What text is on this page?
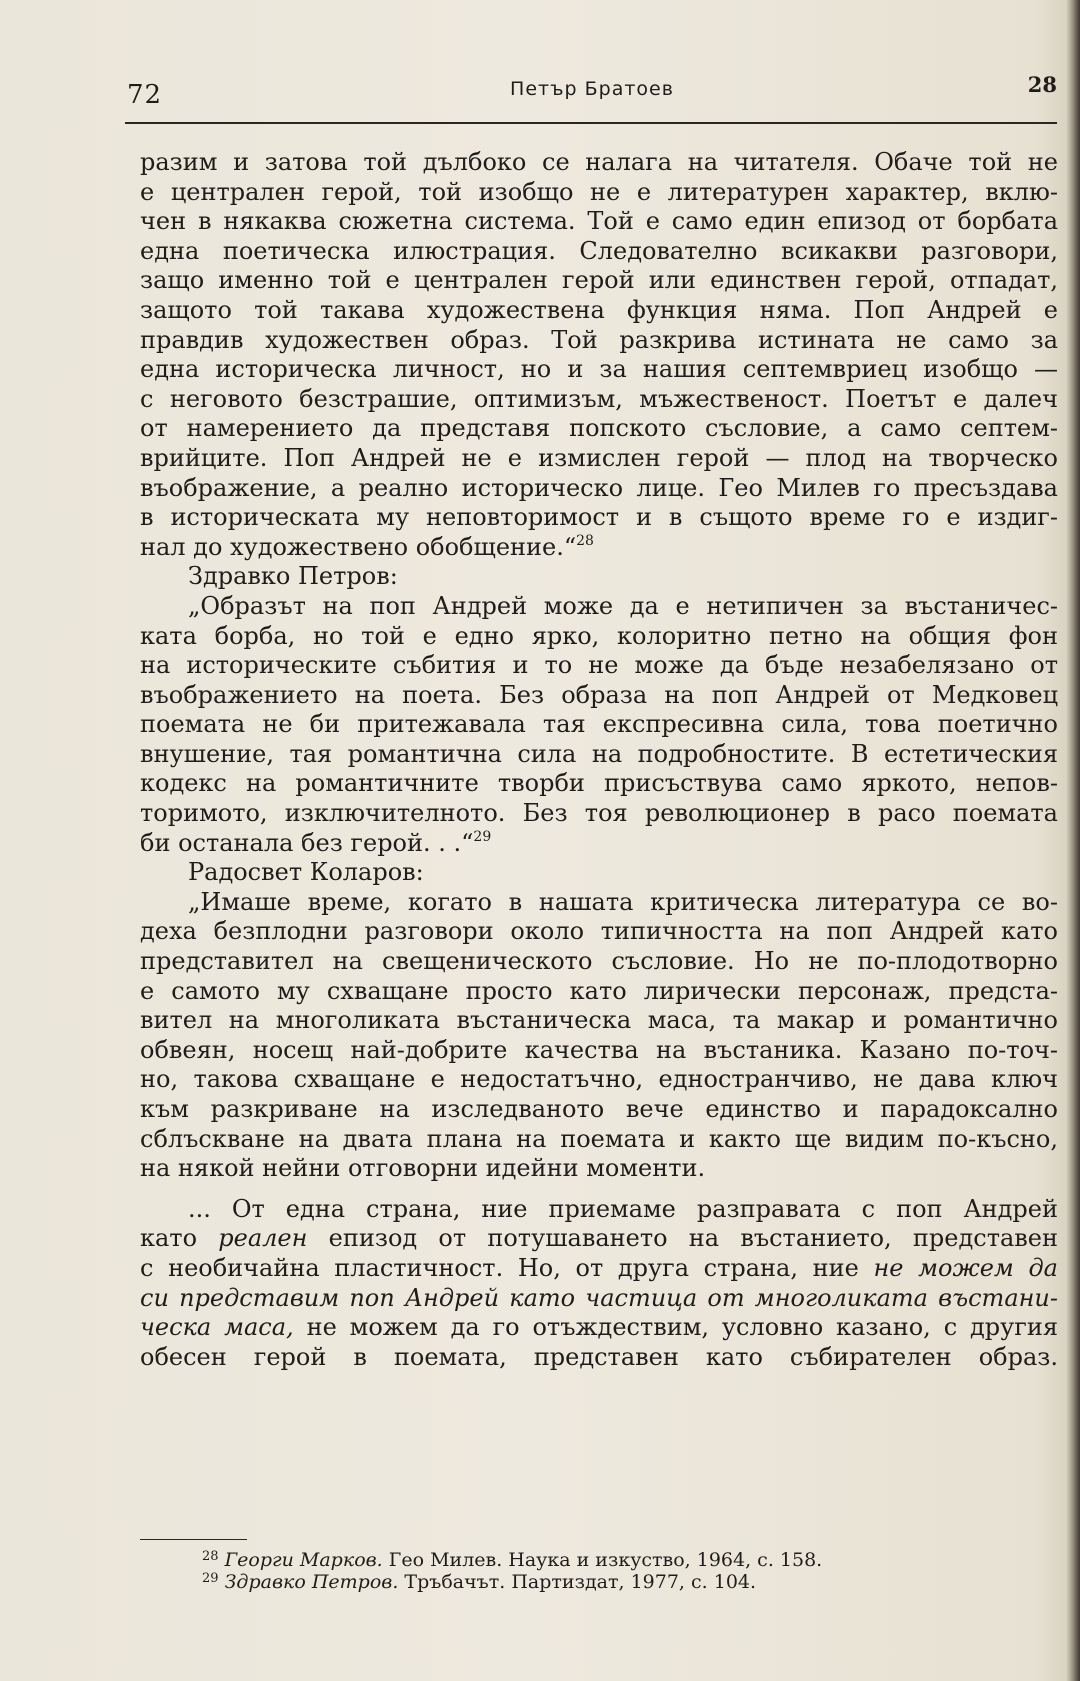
72	Петър Братоев	28
разим и затова той дълбоко се налага на читателя. Обаче той не
е централен герой, той изобщо не е литературен характер, вклю-
чен в някаква сюжетна система. Той е само един епизод от борбата
една поетическа илюстрация. Следователно всикакви разговори,
защо именно той е централен герой или единствен герой, отпадат,
защото той такава художествена функция няма. Поп Андрей е
правдив художествен образ. Той разкрива истината не само за
една историческа личност, но и за нашия септемвриец изобщо —
с неговото безстрашие, оптимизъм, мъжественост. Поетът е далеч
от намерението да представя попското съсловие, а само септем-
врийците. Поп Андрей не е измислен герой — плод на творческо
въображение, а реално историческо лице. Гео Милев го пресъздава
в историческата му неповторимост и в същото време го е издиг-
нал до художествено обобщение.“$^{28}$
Здравко Петров:
„Образът на поп Андрей може да е нетипичен за въстаничес-
ката борба, но той е едно ярко, колоритно петно на общия фон
на историческите събития и то не може да бъде незабелязано от
въображението на поета. Без образа на поп Андрей от Медковец
поемата не би притежавала тая експресивна сила, това поетично
внушение, тая романтична сила на подробностите. В естетическия
кодекс на романтичните творби присъствува само яркото, непов-
торимото, изключителното. Без тоя революционер в расо поемата
би останала без герой. . .“$^{29}$
Радосвет Коларов:
„Имаше време, когато в нашата критическа литература се во-
деха безплодни разговори около типичността на поп Андрей като
представител на свещеническото съсловие. Но не по-плодотворно
е самото му схващане просто като лирически персонаж, предста-
вител на многоликата въстаническа маса, та макар и романтично
обвеян, носещ най-добрите качества на въстаника. Казано по-точ-
но, такова схващане е недостатъчно, едностранчиво, не дава ключ
към разкриване на изследваното вече единство и парадоксално
сблъскване на двата плана на поемата и както ще видим по-късно,
на някой нейни отговорни идейни моменти.
... От една страна, ние приемаме разправата с поп Андрей
като реален епизод от потушаването на въстанието, представен
с необичайна пластичност. Но, от друга страна, ние не можем да
си представим поп Андрей като частица от многоликата въстани-
ческа маса, не можем да го отъждествим, условно казано, с другия
обесен герой в поемата, представен като събирателен образ.
$^{28}$ Георги Марков. Гео Милев. Наука и изкуство, 1964, с. 158.
$^{29}$ Здравко Петров. Тръбачът. Партиздат, 1977, с. 104.
